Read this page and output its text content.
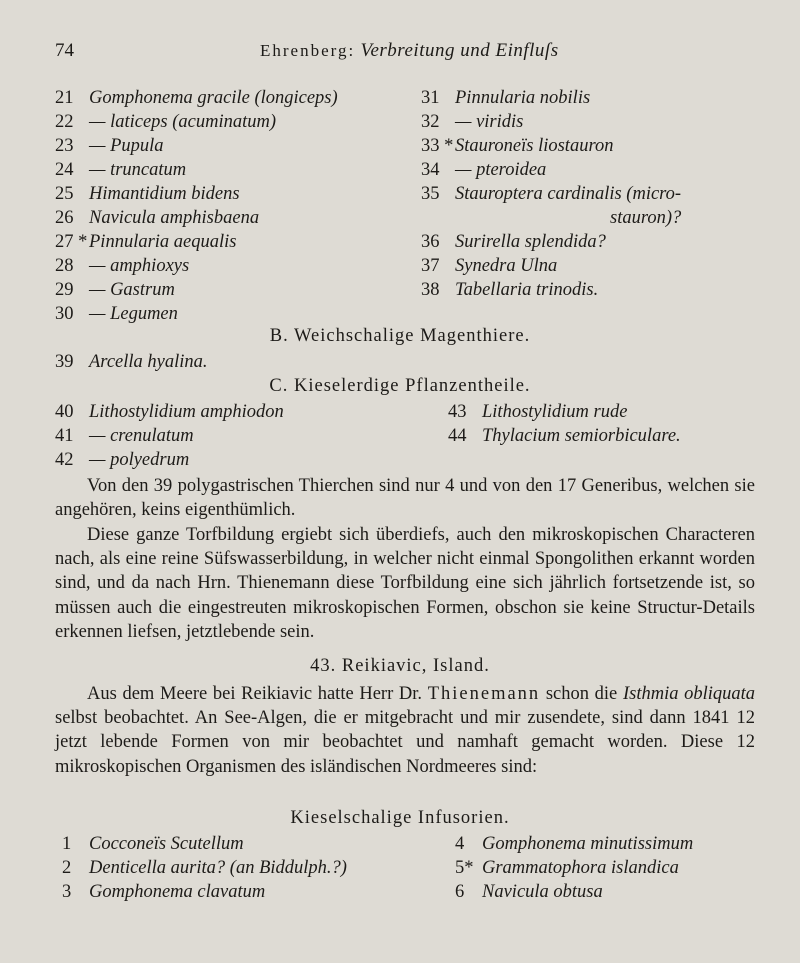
74	Ehrenberg: Verbreitung und Einfluſs
21 Gomphonema gracile (longiceps)
22 — laticeps (acuminatum)
23 — Pupula
24 — truncatum
25 Himantidium bidens
26 Navicula amphisbaena
27 * Pinnularia aequalis
28 — amphioxys
29 — Gastrum
30 — Legumen
31 Pinnularia nobilis
32 — viridis
33 * Stauroneïs liostauron
34 — pteroidea
35 Stauroptera cardinalis (micro-
stauron)?
36 Surirella splendida?
37 Synedra Ulna
38 Tabellaria trinodis.
B. Weichschalige Magenthiere.
39 Arcella hyalina.
C. Kieselerdige Pflanzentheile.
40 Lithostylidium amphiodon
41 — crenulatum
42 — polyedrum
43 Lithostylidium rude
44 Thylacium semiorbiculare.
Von den 39 polygastrischen Thierchen sind nur 4 und von den 17 Genеribus, welchen sie angehören, keins eigenthümlich.
Diese ganze Torfbildung ergiebt sich überdiefs, auch den mikroskopischen Characteren nach, als eine reine Süfswasserbildung, in welcher nicht einmal Spongolithen erkannt worden sind, und da nach Hrn. Thienemann diese Torfbildung eine sich jährlich fortsetzende ist, so müssen auch die eingestreuten mikroskopischen Formen, obschon sie keine Structur-Details erkennen liefsen, jetztlebende sein.
43. Reikiavic, Island.
Aus dem Meere bei Reikiavic hatte Herr Dr. Thienemann schon die Isthmia obliquata selbst beobachtet. An See-Algen, die er mitgebracht und mir zusendete, sind dann 1841 12 jetzt lebende Formen von mir beobachtet und namhaft gemacht worden. Diese 12 mikroskopischen Organismen des isländischen Nordmeeres sind:
Kieselschalige Infusorien.
1 Cocconeïs Scutellum
2 Denticella aurita? (an Biddulph.?)
3 Gomphonema clavatum
4 Gomphonema minutissimum
5* Grammatophora islandica
6 Navicula obtusa
